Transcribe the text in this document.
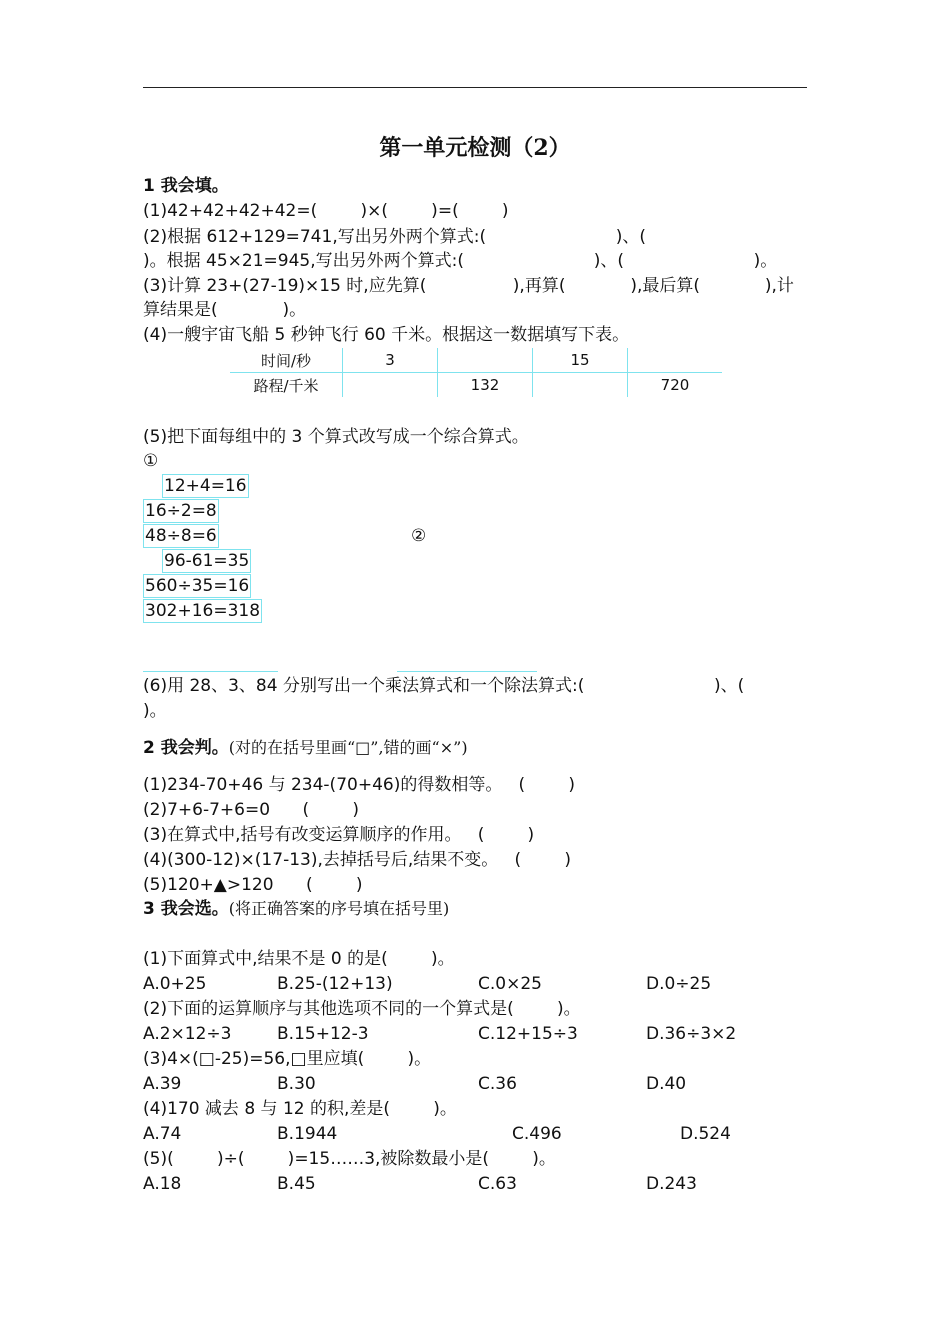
第一单元检测（2）
1 我会填。
(1)42+42+42+42=(        )×(        )=(        )
(2)根据 612+129=741,写出另外两个算式:(                        )、(
)。根据 45×21=945,写出另外两个算式:(                        )、(                        )。
(3)计算 23+(27-19)×15 时,应先算(                ),再算(            ),最后算(            ),计
算结果是(            )。
(4)一艘宇宙飞船 5 秒钟飞行 60 千米。根据这一数据填写下表。
时间/秒	3		15	
路程/千米		132		720
(5)把下面每组中的 3 个算式改写成一个综合算式。
①
12+4=16
16÷2=8
48÷8=6	②
96-61=35
560÷35=16
302+16=318
(6)用 28、3、84 分别写出一个乘法算式和一个除法算式:(                        )、(
)。
2 我会判。(对的在括号里画“□”,错的画“×”)
(1)234-70+46 与 234-(70+46)的得数相等。   (        )
(2)7+6-7+6=0      (        )
(3)在算式中,括号有改变运算顺序的作用。   (        )
(4)(300-12)×(17-13),去掉括号后,结果不变。   (        )
(5)120+▲>120      (        )
3 我会选。(将正确答案的序号填在括号里)
(1)下面算式中,结果不是 0 的是(        )。
A.0+25	B.25-(12+13)	C.0×25	D.0÷25
(2)下面的运算顺序与其他选项不同的一个算式是(        )。
A.2×12÷3	B.15+12-3	C.12+15÷3	D.36÷3×2
(3)4×(□-25)=56,□里应填(        )。
A.39	B.30	C.36	D.40
(4)170 减去 8 与 12 的积,差是(        )。
A.74	B.1944	C.496	D.524
(5)(        )÷(        )=15……3,被除数最小是(        )。
A.18	B.45	C.63	D.243
